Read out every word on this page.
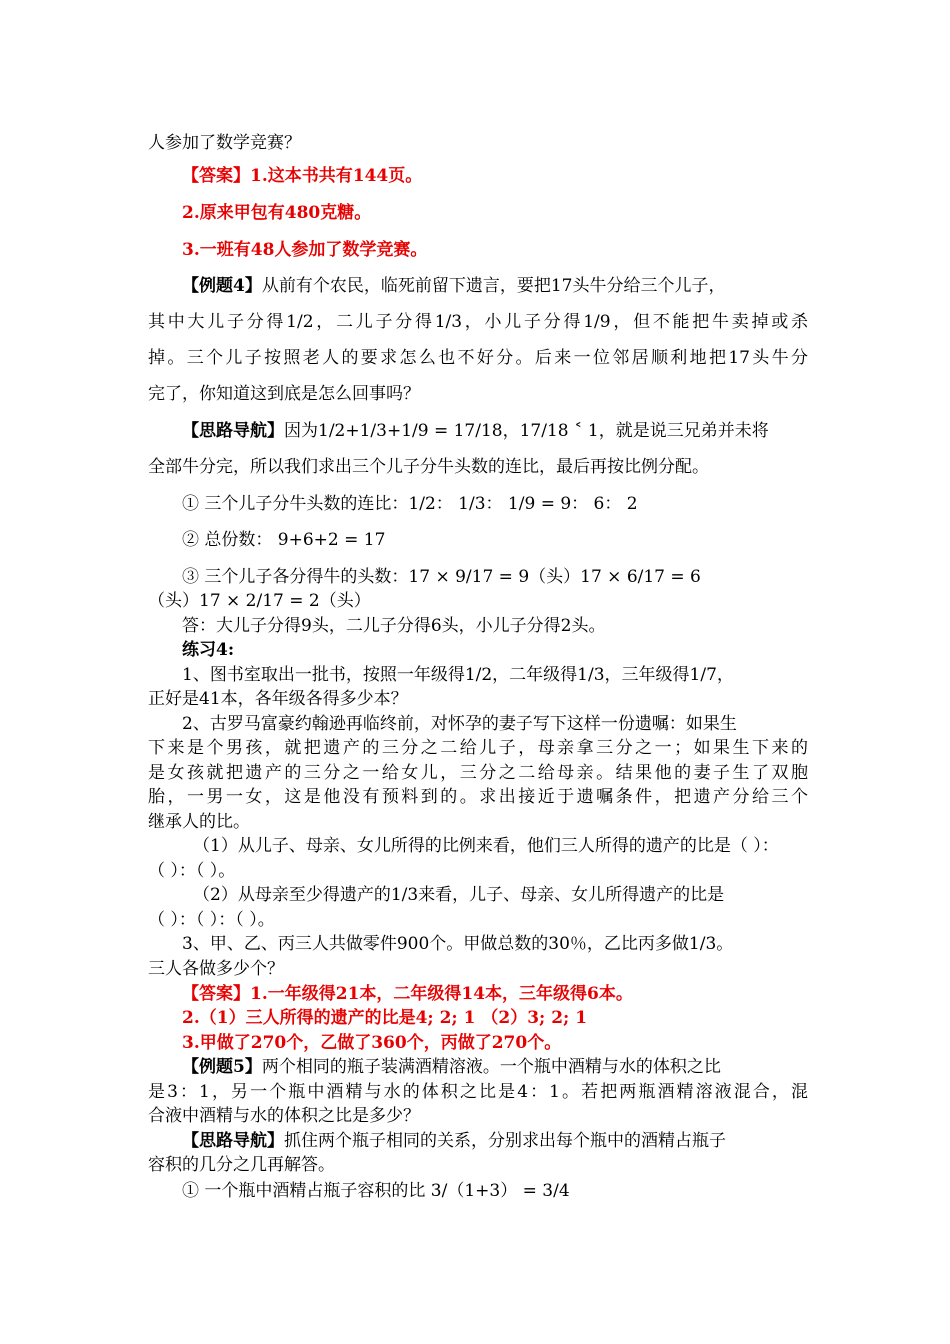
人参加了数学竞赛？
【答案】1.这本书共有144页。
2.原来甲包有480克糖。
3.一班有48人参加了数学竞赛。
【例题4】从前有个农民，临死前留下遗言，要把17头牛分给三个儿子，
其中大儿子分得1/2，二儿子分得1/3，小儿子分得1/9，但不能把牛卖掉或杀
掉。三个儿子按照老人的要求怎么也不好分。后来一位邻居顺利地把17头牛分
完了，你知道这到底是怎么回事吗？
【思路导航】因为1/2+1/3+1/9 = 17/18，17/18 ˂ 1，就是说三兄弟并未将
全部牛分完，所以我们求出三个儿子分牛头数的连比，最后再按比例分配。
① 三个儿子分牛头数的连比：1/2： 1/3： 1/9 = 9： 6： 2
② 总份数： 9+6+2 = 17
③ 三个儿子各分得牛的头数：17 × 9/17 = 9（头）17 × 6/17 = 6
（头）17 × 2/17 = 2（头）
答：大儿子分得9头，二儿子分得6头，小儿子分得2头。
练习4:
1、图书室取出一批书，按照一年级得1/2，二年级得1/3，三年级得1/7，
正好是41本，各年级各得多少本？
2、古罗马富豪约翰逊再临终前，对怀孕的妻子写下这样一份遗嘱：如果生
下来是个男孩，就把遗产的三分之二给儿子，母亲拿三分之一；如果生下来的
是女孩就把遗产的三分之一给女儿，三分之二给母亲。结果他的妻子生了双胞
胎，一男一女，这是他没有预料到的。求出接近于遗嘱条件，把遗产分给三个
继承人的比。
（1）从儿子、母亲、女儿所得的比例来看，他们三人所得的遗产的比是（ ）：
（ ）：（ ）。
（2）从母亲至少得遗产的1/3来看，儿子、母亲、女儿所得遗产的比是
（ ）：（ ）：（ ）。
3、甲、乙、丙三人共做零件900个。甲做总数的30％，乙比丙多做1/3。
三人各做多少个？
【答案】1.一年级得21本，二年级得14本，三年级得6本。
2.（1）三人所得的遗产的比是4; 2; 1 （2）3; 2; 1
3.甲做了270个，乙做了360个，丙做了270个。
【例题5】两个相同的瓶子装满酒精溶液。一个瓶中酒精与水的体积之比
是3：1，另一个瓶中酒精与水的体积之比是4：1。若把两瓶酒精溶液混合，混
合液中酒精与水的体积之比是多少？
【思路导航】抓住两个瓶子相同的关系，分别求出每个瓶中的酒精占瓶子
容积的几分之几再解答。
① 一个瓶中酒精占瓶子容积的比 3/（1+3） = 3/4
